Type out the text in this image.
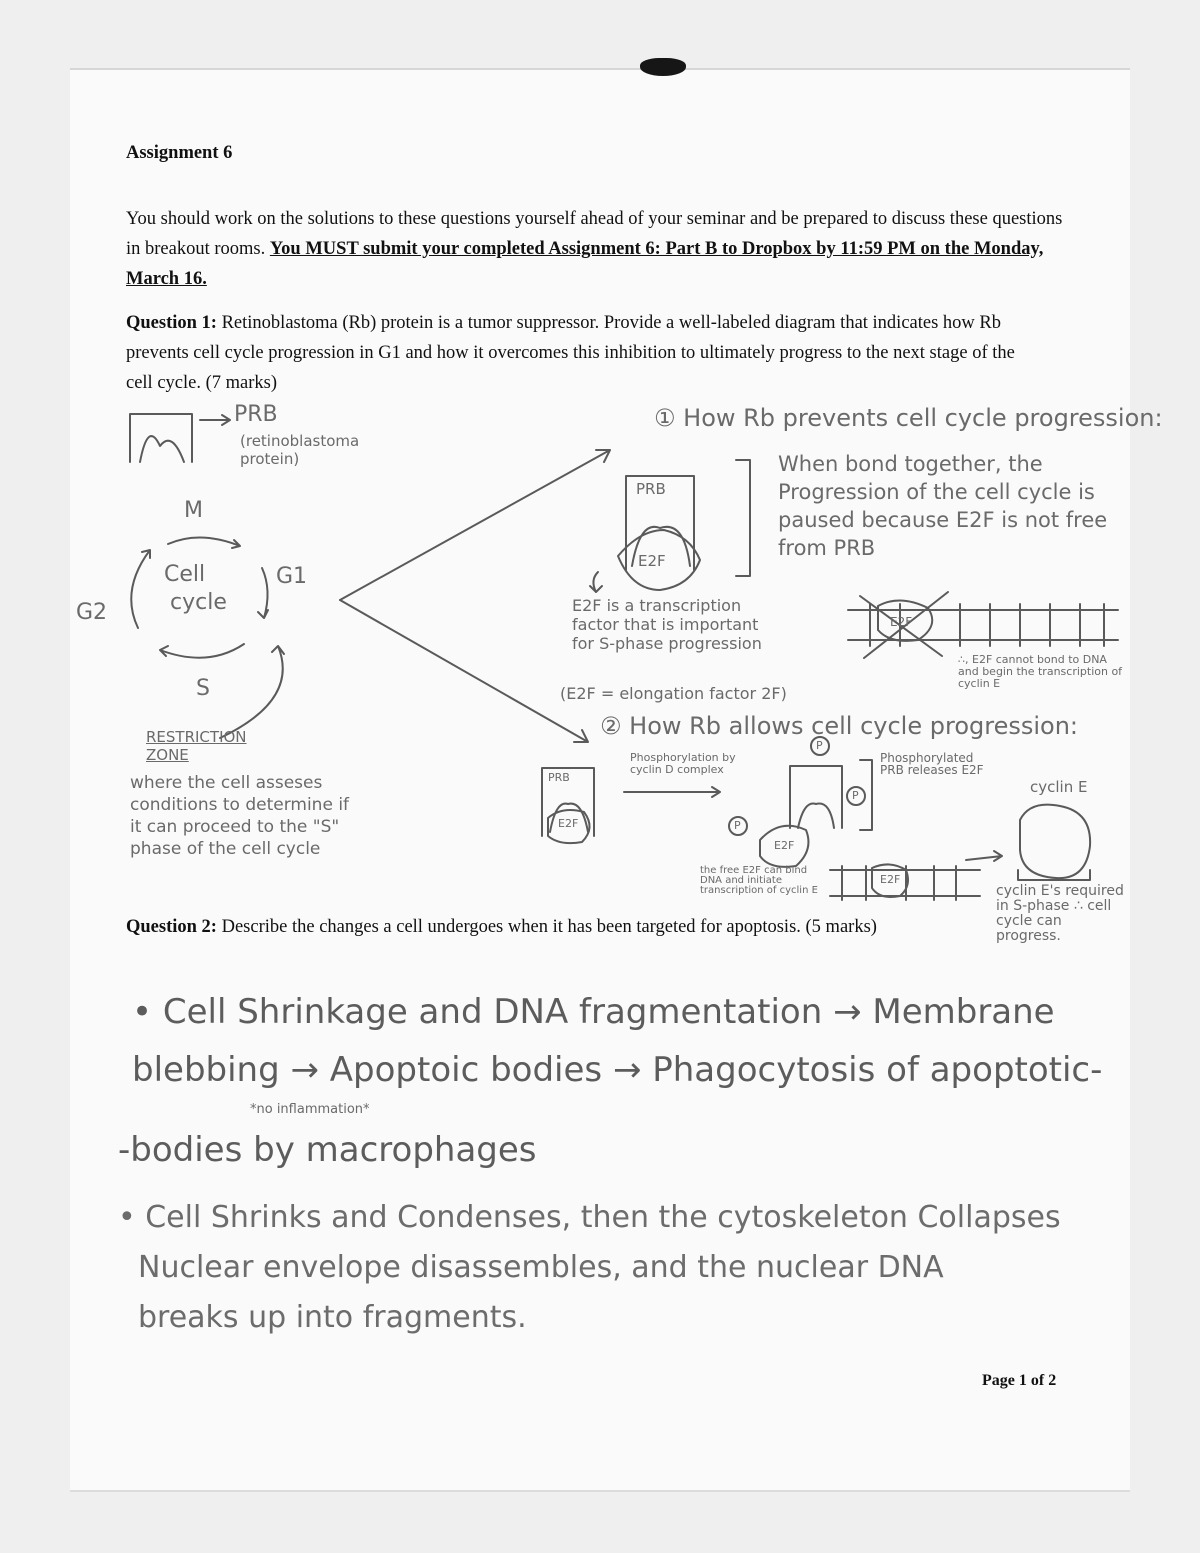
Assignment 6
You should work on the solutions to these questions yourself ahead of your seminar and be prepared to discuss these questions in breakout rooms. You MUST submit your completed Assignment 6: Part B to Dropbox by 11:59 PM on the Monday, March 16.
Question 1: Retinoblastoma (Rb) protein is a tumor suppressor. Provide a well-labeled diagram that indicates how Rb prevents cell cycle progression in G1 and how it overcomes this inhibition to ultimately progress to the next stage of the cell cycle. (7 marks)
Question 2: Describe the changes a cell undergoes when it has been targeted for apoptosis. (5 marks)
Page 1 of 2
PRB
(retinoblastoma protein)
M
G1
G2
S
Cell
cycle
RESTRICTION ZONE
where the cell asseses conditions to determine if it can proceed to the "S" phase of the cell cycle
① How Rb prevents cell cycle progression:
PRB
E2F
When bond together, the Progression of the cell cycle is paused because E2F is not free from PRB
E2F is a transcription factor that is important for S-phase progression
(E2F = elongation factor 2F)
E2F
∴, E2F cannot bond to DNA and begin the transcription of cyclin E
② How Rb allows cell cycle progression:
PRB
E2F
Phosphorylation by cyclin D complex
P
P
P
Phosphorylated PRB releases E2F
E2F
the free E2F can bind DNA and initiate transcription of cyclin E
E2F
cyclin E
cyclin E's required in S-phase ∴ cell cycle can progress.
• Cell Shrinkage and DNA fragmentation → Membrane
blebbing → Apoptoic bodies → Phagocytosis of apoptotic-
*no inflammation*
-bodies by macrophages
• Cell Shrinks and Condenses, then the cytoskeleton Collapses
Nuclear envelope disassembles, and the nuclear DNA
breaks up into fragments.
